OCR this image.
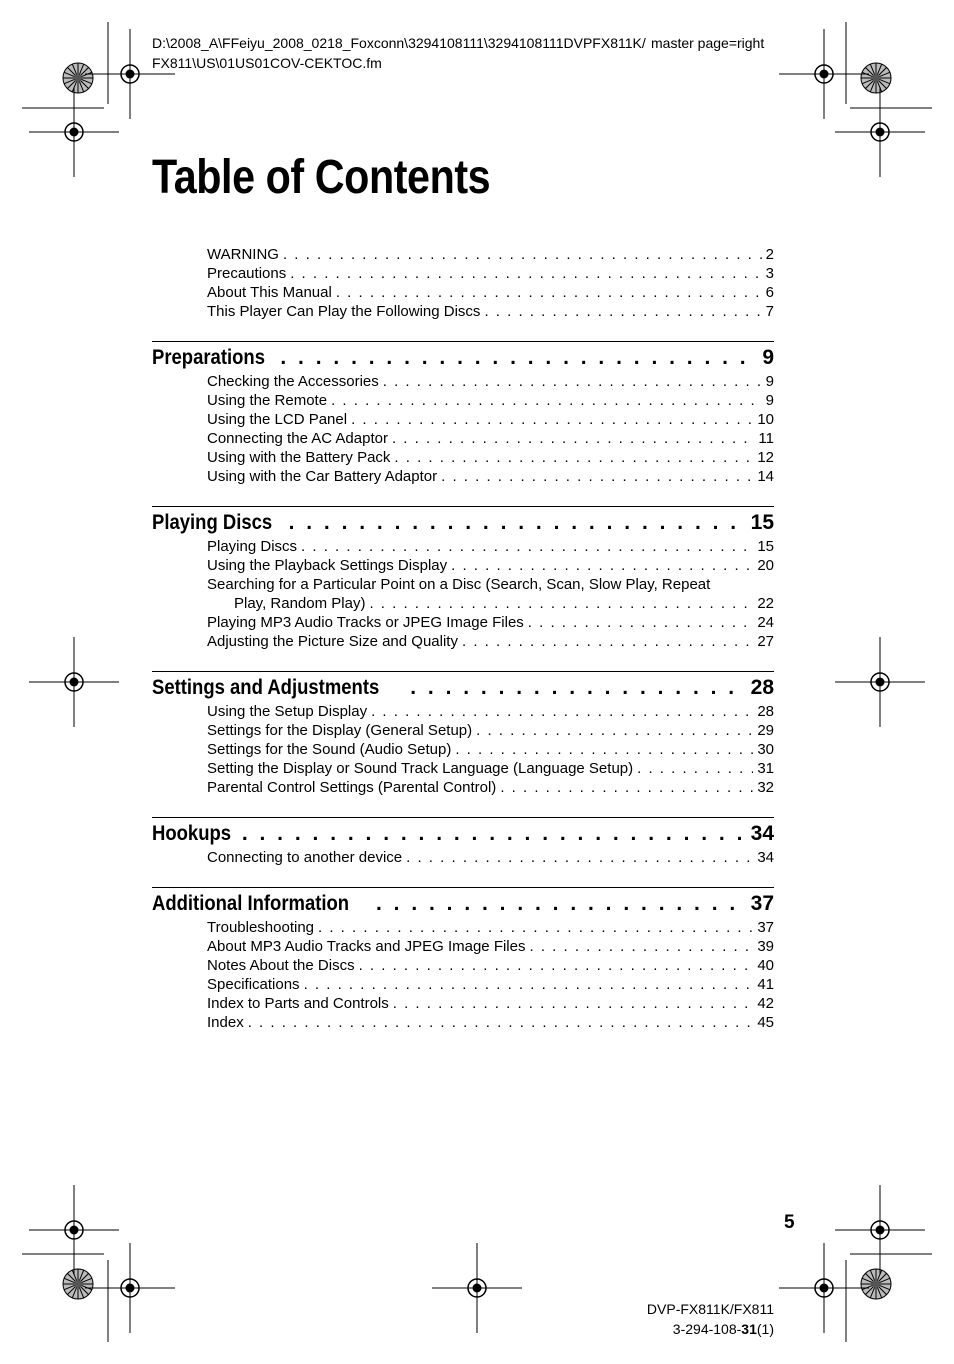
D:\2008_A\FFeiyu_2008_0218_Foxconn\3294108111\3294108111DVPFX811K/
FX811\US\01US01COV-CEKTOC.fm
master page=right
Table of Contents
WARNING . . .	2
Precautions . . .	3
About This Manual . . .	6
This Player Can Play the Following Discs . . .	7
Preparations . . .	9
Checking the Accessories . . .	9
Using the Remote . . .	9
Using the LCD Panel . . .	10
Connecting the AC Adaptor . . .	11
Using with the Battery Pack . . .	12
Using with the Car Battery Adaptor . . .	14
Playing Discs . . .	15
Playing Discs . . .	15
Using the Playback Settings Display . . .	20
Searching for a Particular Point on a Disc (Search, Scan, Slow Play, Repeat
Play, Random Play) . . .	22
Playing MP3 Audio Tracks or JPEG Image Files . . .	24
Adjusting the Picture Size and Quality . . .	27
Settings and Adjustments . . .	28
Using the Setup Display . . .	28
Settings for the Display (General Setup) . . .	29
Settings for the Sound (Audio Setup) . . .	30
Setting the Display or Sound Track Language (Language Setup) . . .	31
Parental Control Settings (Parental Control) . . .	32
Hookups . . .	34
Connecting to another device . . .	34
Additional Information . . .	37
Troubleshooting . . .	37
About MP3 Audio Tracks and JPEG Image Files . . .	39
Notes About the Discs . . .	40
Specifications . . .	41
Index to Parts and Controls . . .	42
Index . . .	45
5
DVP-FX811K/FX811
3-294-108-31(1)
